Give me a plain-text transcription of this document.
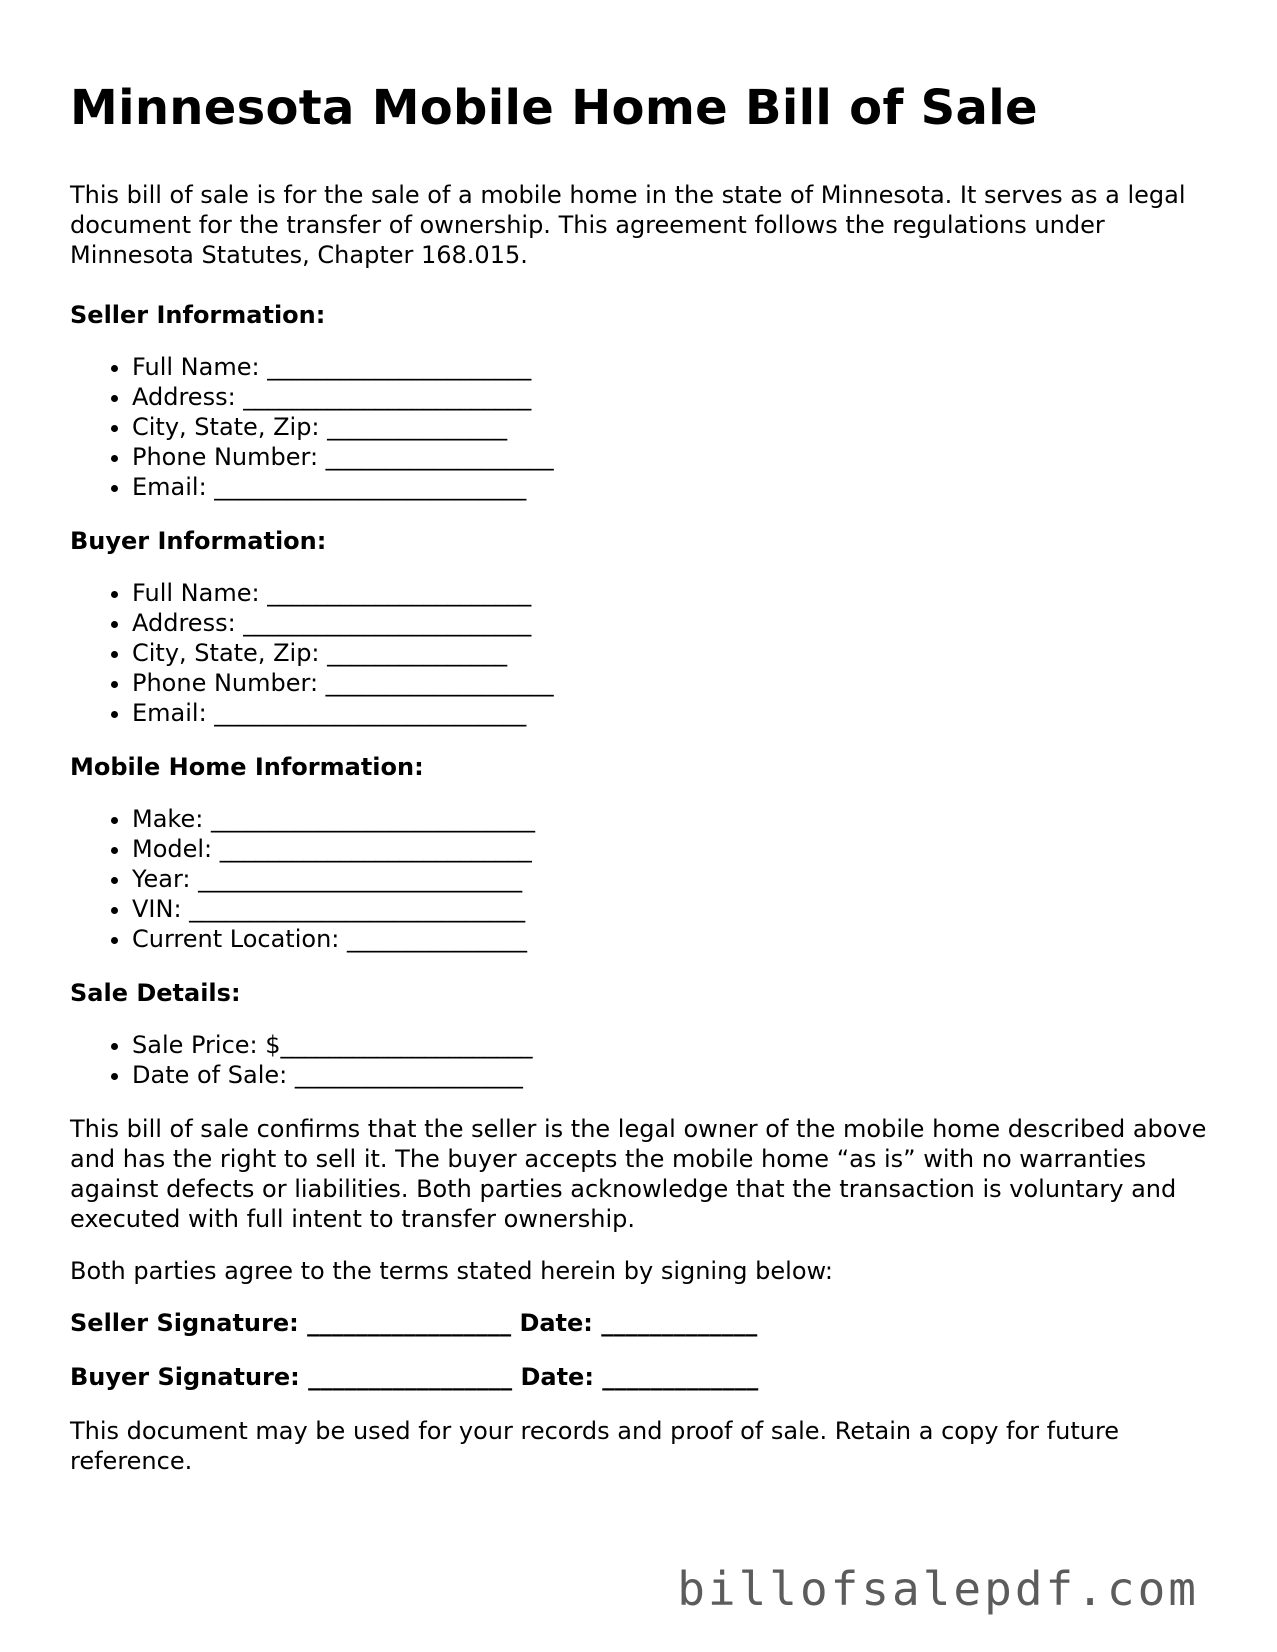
Minnesota Mobile Home Bill of Sale

This bill of sale is for the sale of a mobile home in the state of Minnesota. It serves as a legal document for the transfer of ownership. This agreement follows the regulations under Minnesota Statutes, Chapter 168.015.

Seller Information:
• Full Name: ______________________
• Address: ________________________
• City, State, Zip: _______________
• Phone Number: ___________________
• Email: __________________________
Buyer Information:
• Full Name: ______________________
• Address: ________________________
• City, State, Zip: _______________
• Phone Number: ___________________
• Email: __________________________
Mobile Home Information:
• Make: ___________________________
• Model: __________________________
• Year: ___________________________
• VIN: ____________________________
• Current Location: _______________
Sale Details:
• Sale Price: $_____________________
• Date of Sale: ___________________

This bill of sale confirms that the seller is the legal owner of the mobile home described above and has the right to sell it. The buyer accepts the mobile home “as is” with no warranties against defects or liabilities. Both parties acknowledge that the transaction is voluntary and executed with full intent to transfer ownership.

Both parties agree to the terms stated herein by signing below:

Seller Signature: _________________ Date: _____________

Buyer Signature: _________________ Date: _____________

This document may be used for your records and proof of sale. Retain a copy for future reference.

billofsalepdf.com
